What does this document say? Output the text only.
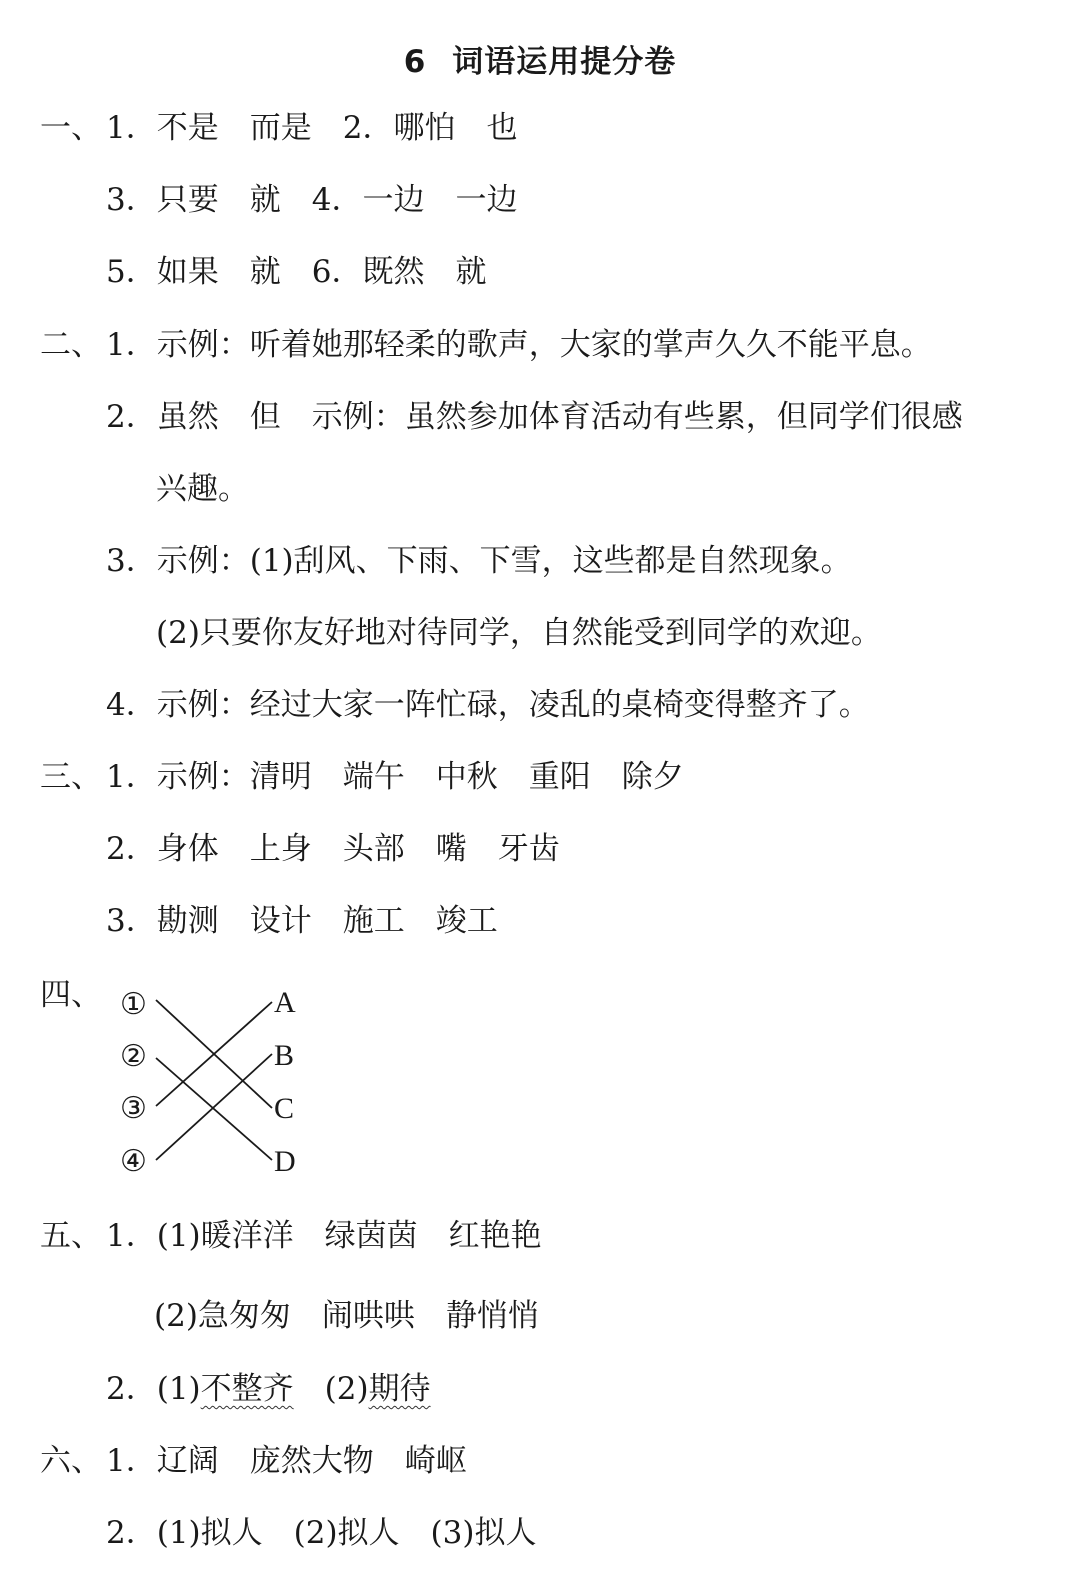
6 词语运用提分卷
一、 1．不是　而是　2．哪怕　也
3．只要　就　4．一边　一边
5．如果　就　6．既然　就
二、 1．示例：听着她那轻柔的歌声，大家的掌声久久不能平息。
2．虽然　但　示例：虽然参加体育活动有些累，但同学们很感
兴趣。
3．示例：(1)刮风、下雨、下雪，这些都是自然现象。
(2)只要你友好地对待同学，自然能受到同学的欢迎。
4．示例：经过大家一阵忙碌，凌乱的桌椅变得整齐了。
三、 1．示例：清明　端午　中秋　重阳　除夕
2．身体　上身　头部　嘴　牙齿
3．勘测　设计　施工　竣工
四、 ①
②
③
④
A
B
C
D
五、 1．(1)暖洋洋　绿茵茵　红艳艳
(2)急匆匆　闹哄哄　静悄悄
2．(1)不整齐　(2)期待
六、 1．辽阔　庞然大物　崎岖
2．(1)拟人　(2)拟人　(3)拟人
